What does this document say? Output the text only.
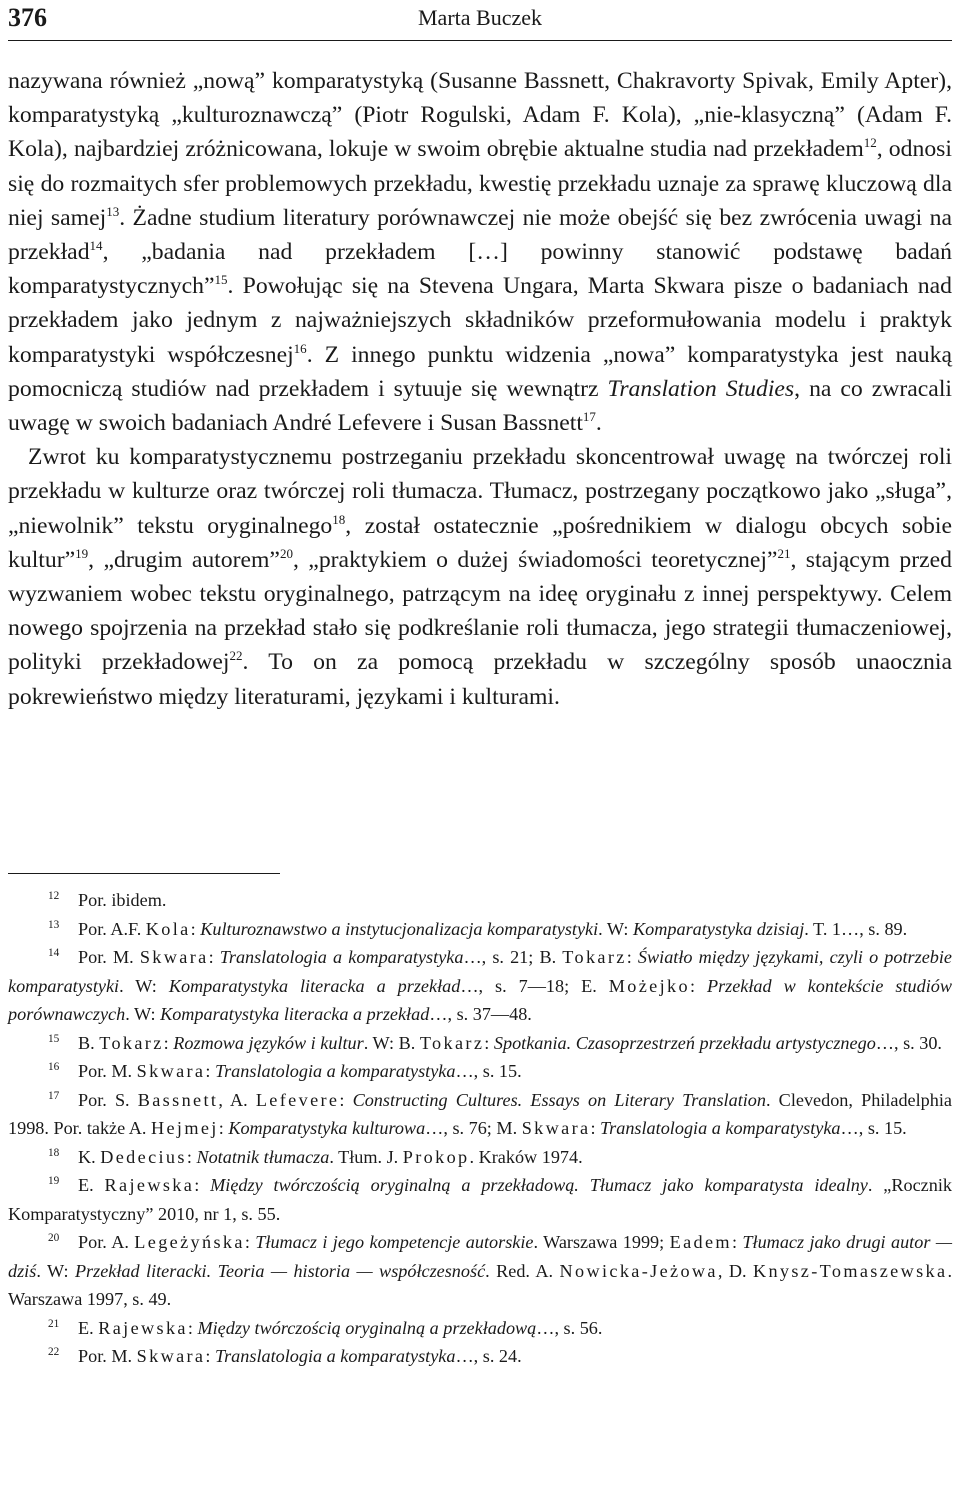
376	Marta Buczek

nazywana również „nową” komparatystyką (Susanne Bassnett, Chakravorty Spivak, Emily Apter), komparatystyką „kulturoznawczą” (Piotr Rogulski, Adam F. Kola), „nie-klasyczną” (Adam F. Kola), najbardziej zróżnicowana, lokuje w swoim obrębie aktualne studia nad przekładem$^{12}$, odnosi się do rozmaitych sfer problemowych przekładu, kwestię przekładu uznaje za sprawę kluczową dla niej samej$^{13}$. Żadne studium literatury porównawczej nie może obejść się bez zwrócenia uwagi na przekład$^{14}$, „badania nad przekładem […] powinny stanowić podstawę badań komparatystycznych”$^{15}$. Powołując się na Stevena Ungara, Marta Skwara pisze o badaniach nad przekładem jako jednym z najważniejszych składników przeformułowania modelu i praktyk komparatystyki współczesnej$^{16}$. Z innego punktu widzenia „nowa” komparatystyka jest nauką pomocniczą studiów nad przekładem i sytuuje się wewnątrz Translation Studies, na co zwracali uwagę w swoich badaniach André Lefevere i Susan Bassnett$^{17}$.

Zwrot ku komparatystycznemu postrzeganiu przekładu skoncentrował uwagę na twórczej roli przekładu w kulturze oraz twórczej roli tłumacza. Tłumacz, postrzegany początkowo jako „sługa”, „niewolnik” tekstu oryginalnego$^{18}$, został ostatecznie „pośrednikiem w dialogu obcych sobie kultur”$^{19}$, „drugim autorem”$^{20}$, „praktykiem o dużej świadomości teoretycznej”$^{21}$, stającym przed wyzwaniem wobec tekstu oryginalnego, patrzącym na ideę oryginału z innej perspektywy. Celem nowego spojrzenia na przekład stało się podkreślanie roli tłumacza, jego strategii tłumaczeniowej, polityki przekładowej$^{22}$. To on za pomocą przekładu w szczególny sposób unaocznia pokrewieństwo między literaturami, językami i kulturami.

12 Por. ibidem.

13 Por. A.F. Kola: Kulturoznawstwo a instytucjonalizacja komparatystyki. W: Komparatystyka dzisiaj. T. 1…, s. 89.

14 Por. M. Skwara: Translatologia a komparatystyka…, s. 21; B. Tokarz: Światło między językami, czyli o potrzebie komparatystyki. W: Komparatystyka literacka a przekład…, s. 7—18; E. Możejko: Przekład w kontekście studiów porównawczych. W: Komparatystyka literacka a przekład…, s. 37—48.

15 B. Tokarz: Rozmowa języków i kultur. W: B. Tokarz: Spotkania. Czasoprzestrzeń przekładu artystycznego…, s. 30.

16 Por. M. Skwara: Translatologia a komparatystyka…, s. 15.

17 Por. S. Bassnett, A. Lefevere: Constructing Cultures. Essays on Literary Translation. Clevedon, Philadelphia 1998. Por. także A. Hejmej: Komparatystyka kulturowa…, s. 76; M. Skwara: Translatologia a komparatystyka…, s. 15.

18 K. Dedecius: Notatnik tłumacza. Tłum. J. Prokop. Kraków 1974.

19 E. Rajewska: Między twórczością oryginalną a przekładową. Tłumacz jako komparatysta idealny. „Rocznik Komparatystyczny” 2010, nr 1, s. 55.

20 Por. A. Legeżyńska: Tłumacz i jego kompetencje autorskie. Warszawa 1999; Eadem: Tłumacz jako drugi autor — dziś. W: Przekład literacki. Teoria — historia — współczesność. Red. A. Nowicka-Jeżowa, D. Knysz-Tomaszewska. Warszawa 1997, s. 49.

21 E. Rajewska: Między twórczością oryginalną a przekładową…, s. 56.

22 Por. M. Skwara: Translatologia a komparatystyka…, s. 24.
